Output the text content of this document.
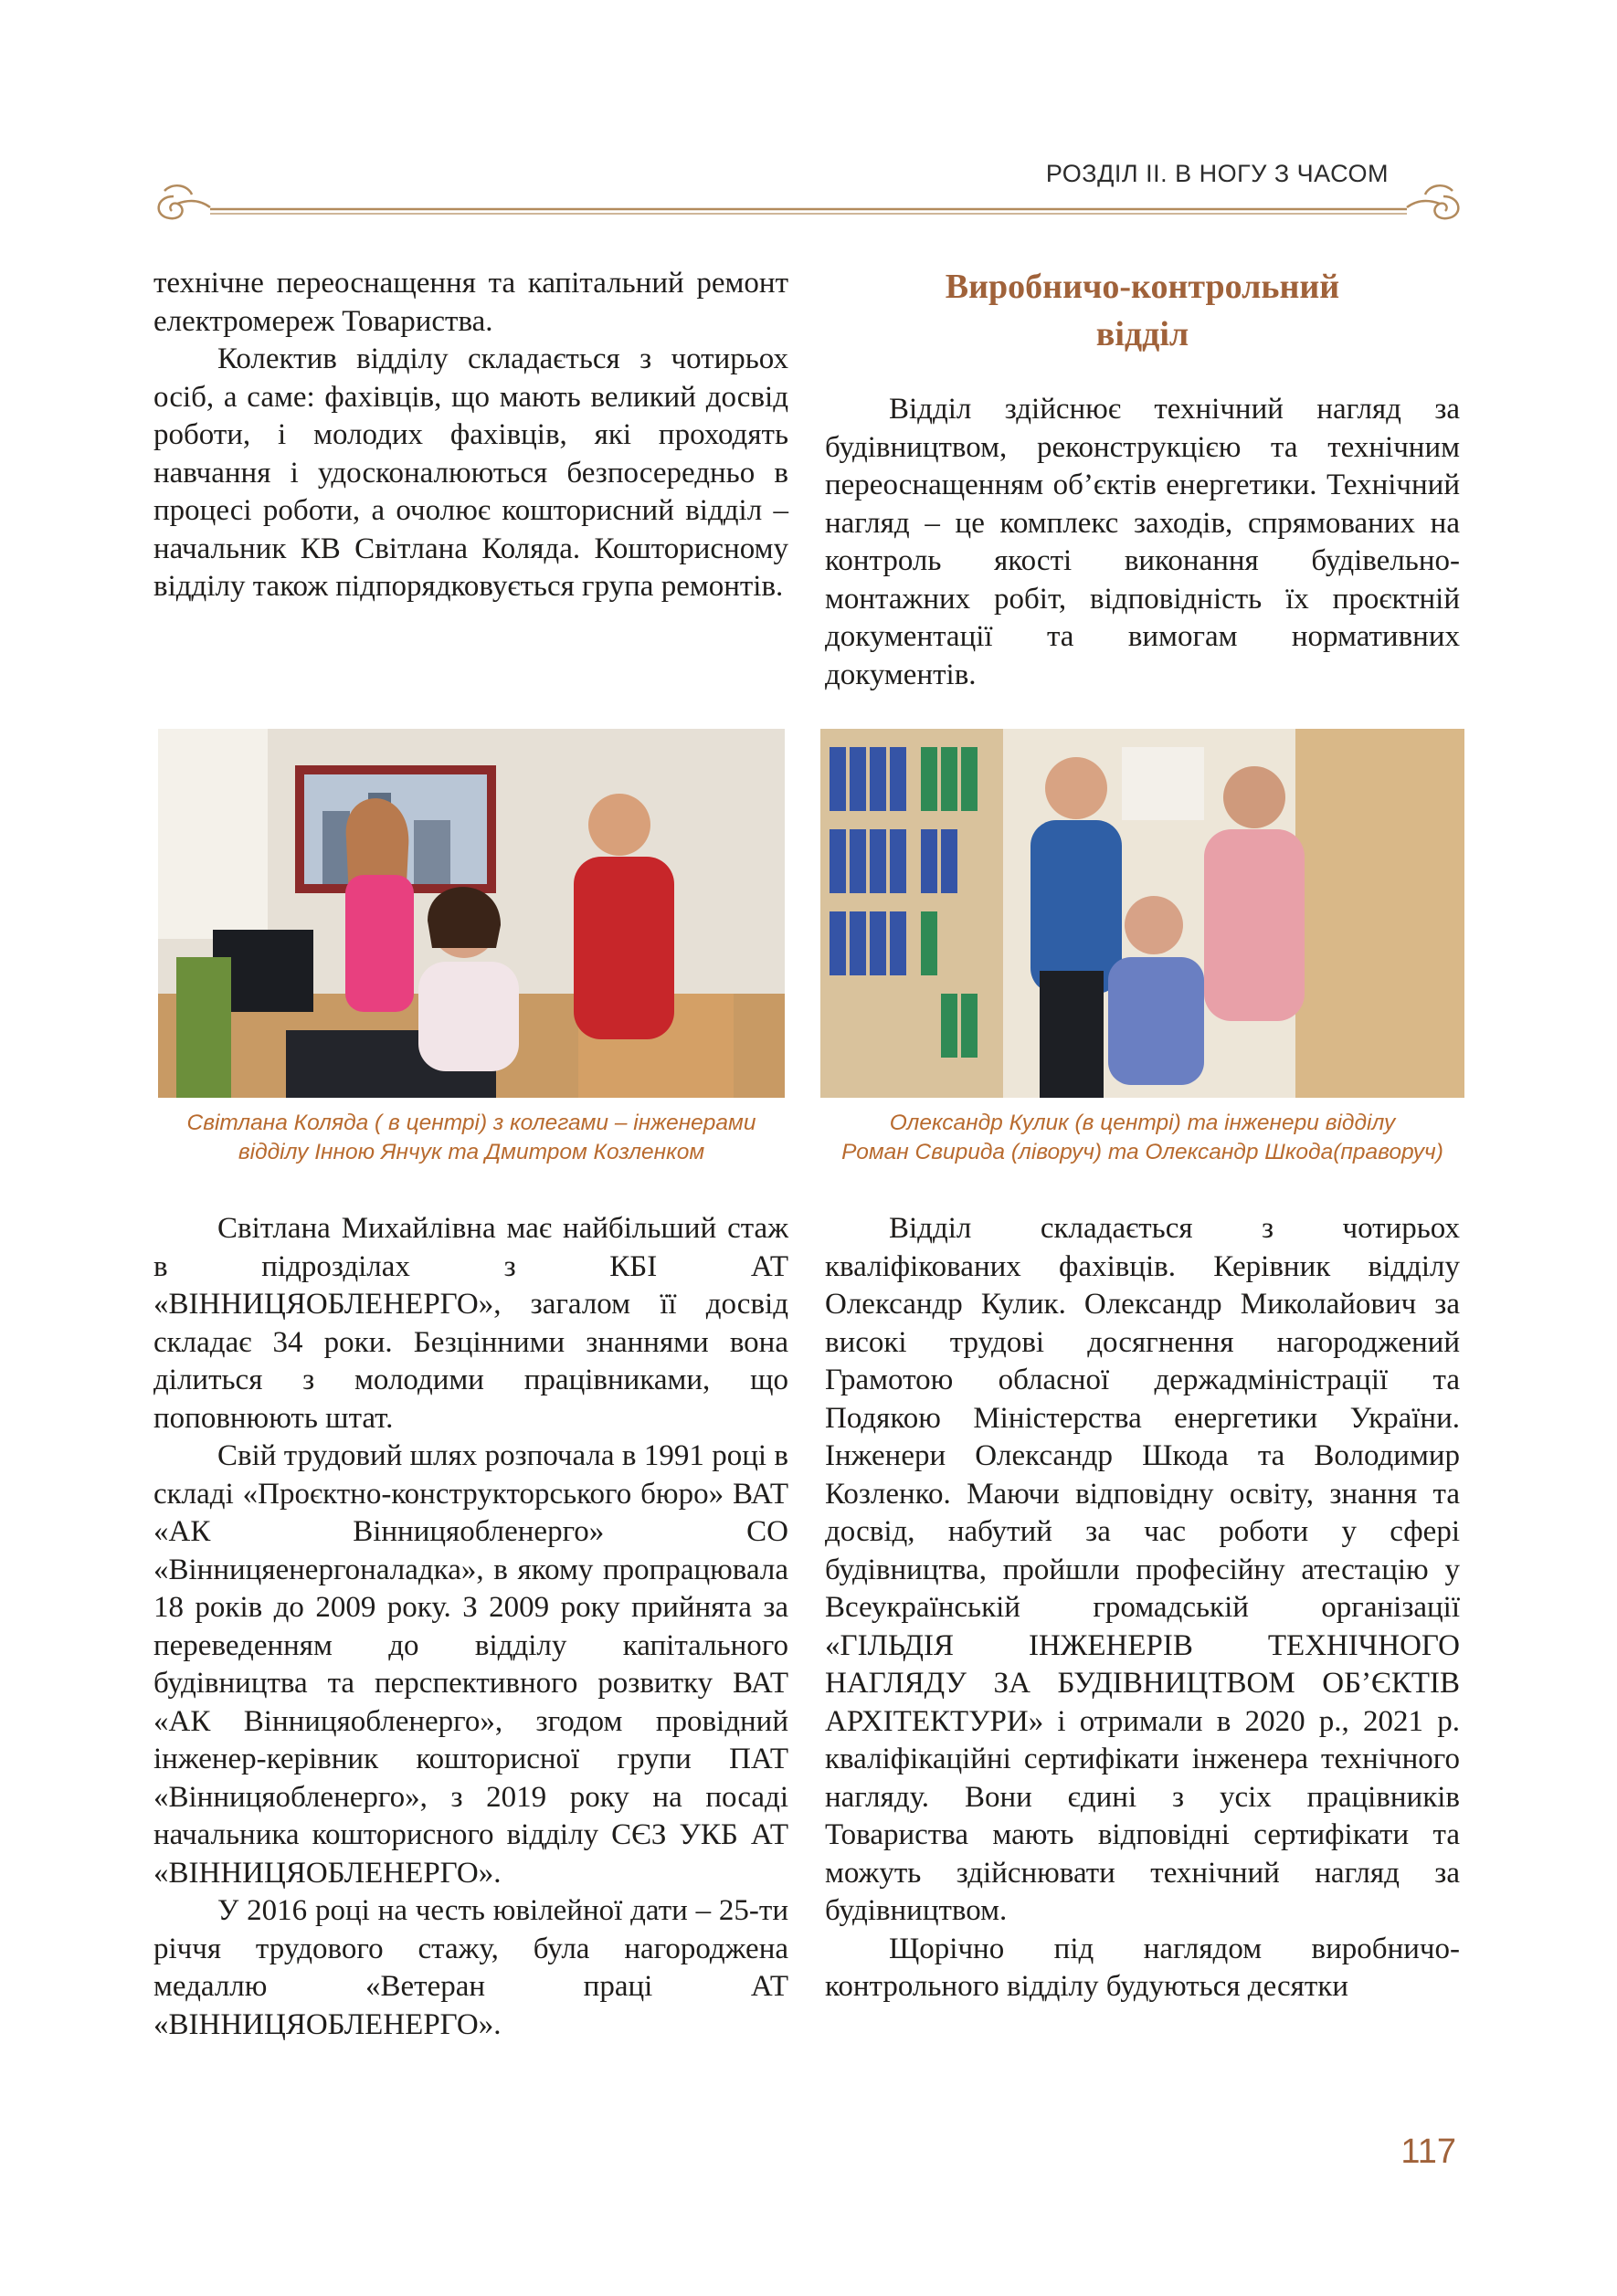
РОЗДІЛ ІІ. В НОГУ З ЧАСОМ

технічне переоснащення та капітальний ремонт електромереж Товариства.

Колектив відділу складається з чотирьох осіб, а саме: фахівців, що мають великий досвід роботи, і молодих фахівців, які проходять навчання і удосконалюються безпосередньо в процесі роботи, а очолює кошторисний відділ – начальник КВ Світлана Коляда. Кошторисному відділу також підпорядковується група ремонтів.

Виробничо-контрольний
відділ

Відділ здійснює технічний нагляд за будівництвом, реконструкцією та технічним переоснащенням об’єктів енергетики. Технічний нагляд – це комплекс заходів, спрямованих на контроль якості виконання будівельно-монтажних робіт, відповідність їх проєктній документації та вимогам нормативних документів.

Світлана Коляда ( в центрі) з колегами – інженерами
відділу Інною Янчук та Дмитром Козленком
Олександр Кулик (в центрі) та інженери відділу
Роман Свирида (ліворуч) та Олександр Шкода(праворуч)

Світлана Михайлівна має найбільший стаж в підрозділах з КБІ АТ «ВІННИЦЯОБЛЕНЕРГО», загалом її досвід складає 34 роки. Безцінними знаннями вона ділиться з молодими працівниками, що поповнюють штат.

Свій трудовий шлях розпочала в 1991 році в складі «Проєктно-конструкторського бюро» ВАТ «АК Вінницяобленерго» СО «Вінницяенергоналадка», в якому пропрацювала 18 років до 2009 року. З 2009 року прийнята за переведенням до відділу капітального будівництва та перспективного розвитку ВАТ «АК Вінницяобленерго», згодом провідний інженер-керівник кошторисної групи ПАТ «Вінницяобленерго», з 2019 року на посаді начальника кошторисного відділу СЄЗ УКБ АТ «ВІННИЦЯОБЛЕНЕРГО».

У 2016 році на честь ювілейної дати – 25-ти річчя трудового стажу, була нагороджена медаллю «Ветеран праці АТ «ВІННИЦЯОБЛЕНЕРГО».

Відділ складається з чотирьох кваліфікованих фахівців. Керівник відділу Олександр Кулик. Олександр Миколайович за високі трудові досягнення нагороджений Грамотою обласної держадміністрації та Подякою Міністерства енергетики України. Інженери Олександр Шкода та Володимир Козленко. Маючи відповідну освіту, знання та досвід, набутий за час роботи у сфері будівництва, пройшли професійну атестацію у Всеукраїнській громадській організації «ГІЛЬДІЯ ІНЖЕНЕРІВ ТЕХНІЧНОГО НАГЛЯДУ ЗА БУДІВНИЦТВОМ ОБ’ЄКТІВ АРХІТЕКТУРИ» і отримали в 2020 р., 2021 р. кваліфікаційні сертифікати інженера технічного нагляду. Вони єдині з усіх працівників Товариства мають відповідні сертифікати та можуть здійснювати технічний нагляд за будівництвом.

Щорічно під наглядом виробничо-контрольного відділу будуються десятки

117
